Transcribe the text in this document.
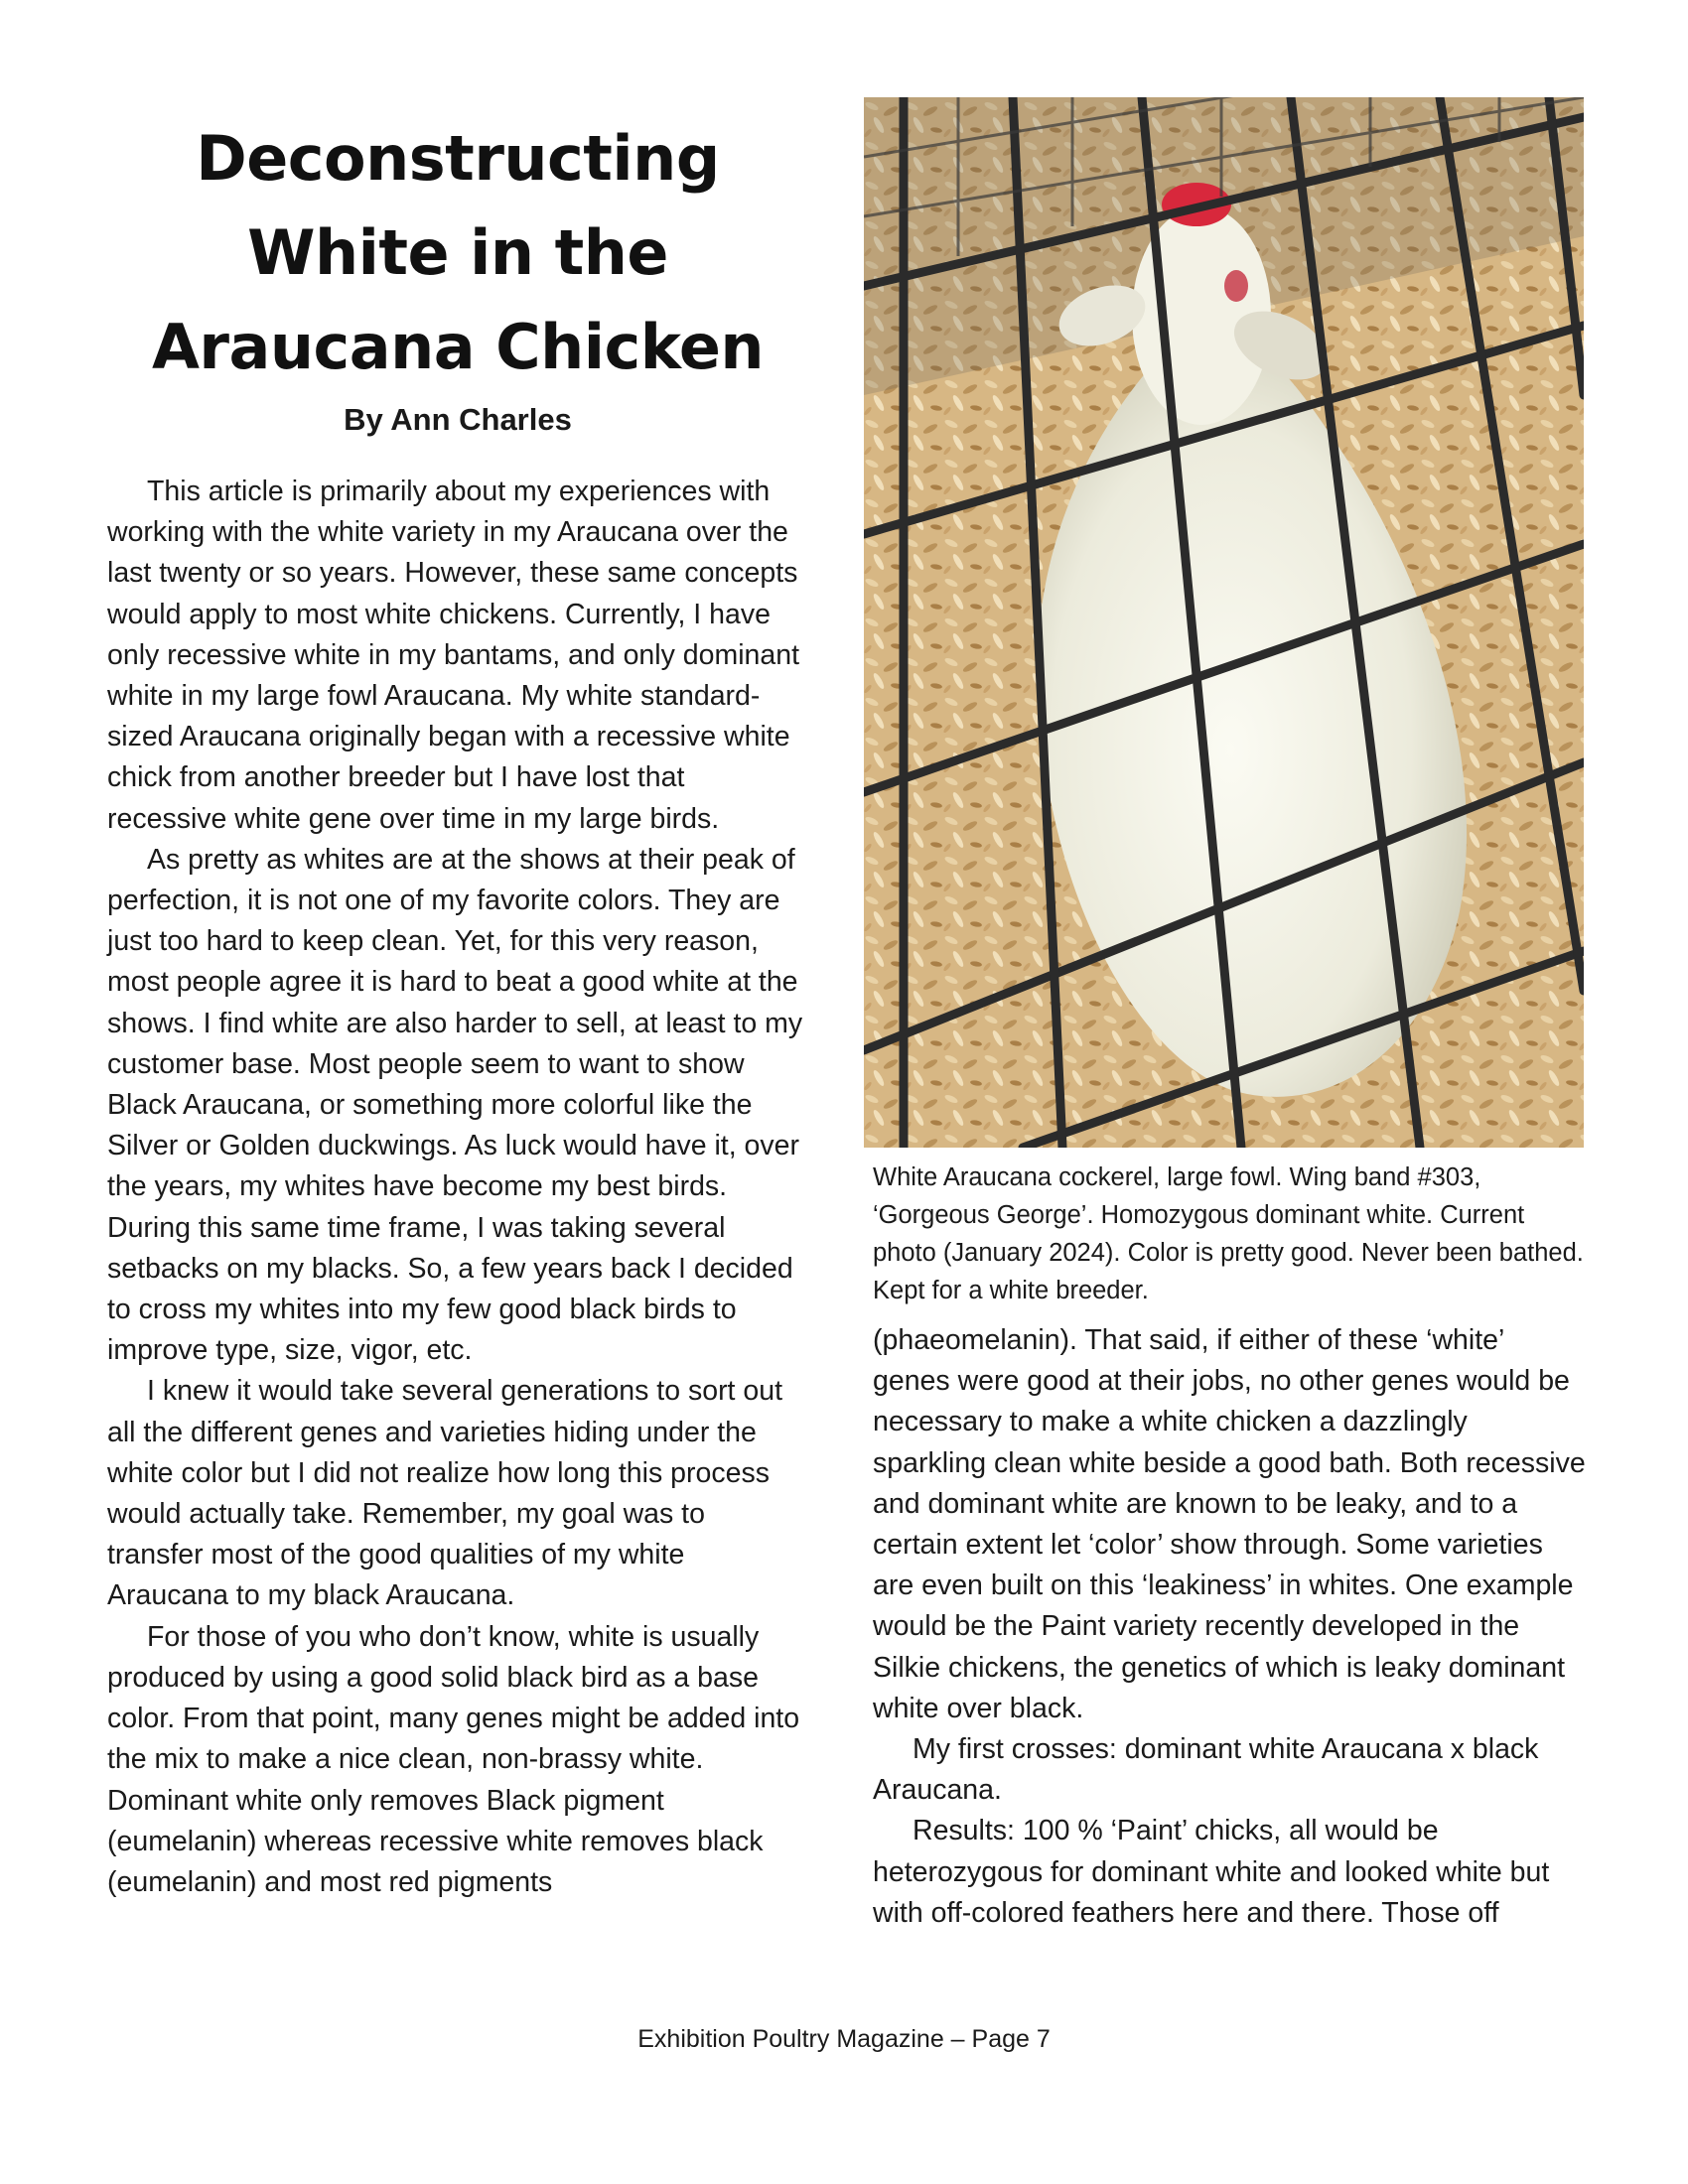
Deconstructing White in the Araucana Chicken
By Ann Charles

This article is primarily about my experiences with working with the white variety in my Araucana over the last twenty or so years. However, these same concepts would apply to most white chickens. Currently, I have only recessive white in my bantams, and only dominant white in my large fowl Araucana. My white standard-sized Araucana originally began with a recessive white chick from another breeder but I have lost that recessive white gene over time in my large birds.

As pretty as whites are at the shows at their peak of perfection, it is not one of my favorite colors. They are just too hard to keep clean. Yet, for this very reason, most people agree it is hard to beat a good white at the shows. I find white are also harder to sell, at least to my customer base. Most people seem to want to show Black Araucana, or something more colorful like the Silver or Golden duckwings. As luck would have it, over the years, my whites have become my best birds. During this same time frame, I was taking several setbacks on my blacks. So, a few years back I decided to cross my whites into my few good black birds to improve type, size, vigor, etc.

I knew it would take several generations to sort out all the different genes and varieties hiding under the white color but I did not realize how long this process would actually take. Remember, my goal was to transfer most of the good qualities of my white Araucana to my black Araucana.

For those of you who don’t know, white is usually produced by using a good solid black bird as a base color. From that point, many genes might be added into the mix to make a nice clean, non-brassy white. Dominant white only removes Black pigment (eumelanin) whereas recessive white removes black (eumelanin) and most red pigments

White Araucana cockerel, large fowl. Wing band #303, ‘Gorgeous George’. Homozygous dominant white. Current photo (January 2024). Color is pretty good. Never been bathed. Kept for a white breeder.

(phaeomelanin). That said, if either of these ‘white’ genes were good at their jobs, no other genes would be necessary to make a white chicken a dazzlingly sparkling clean white beside a good bath. Both recessive and dominant white are known to be leaky, and to a certain extent let ‘color’ show through. Some varieties are even built on this ‘leakiness’ in whites. One example would be the Paint variety recently developed in the Silkie chickens, the genetics of which is leaky dominant white over black.

My first crosses: dominant white Araucana x black Araucana.

Results: 100 % ‘Paint’ chicks, all would be heterozygous for dominant white and looked white but with off-colored feathers here and there. Those off

Exhibition Poultry Magazine – Page 7
